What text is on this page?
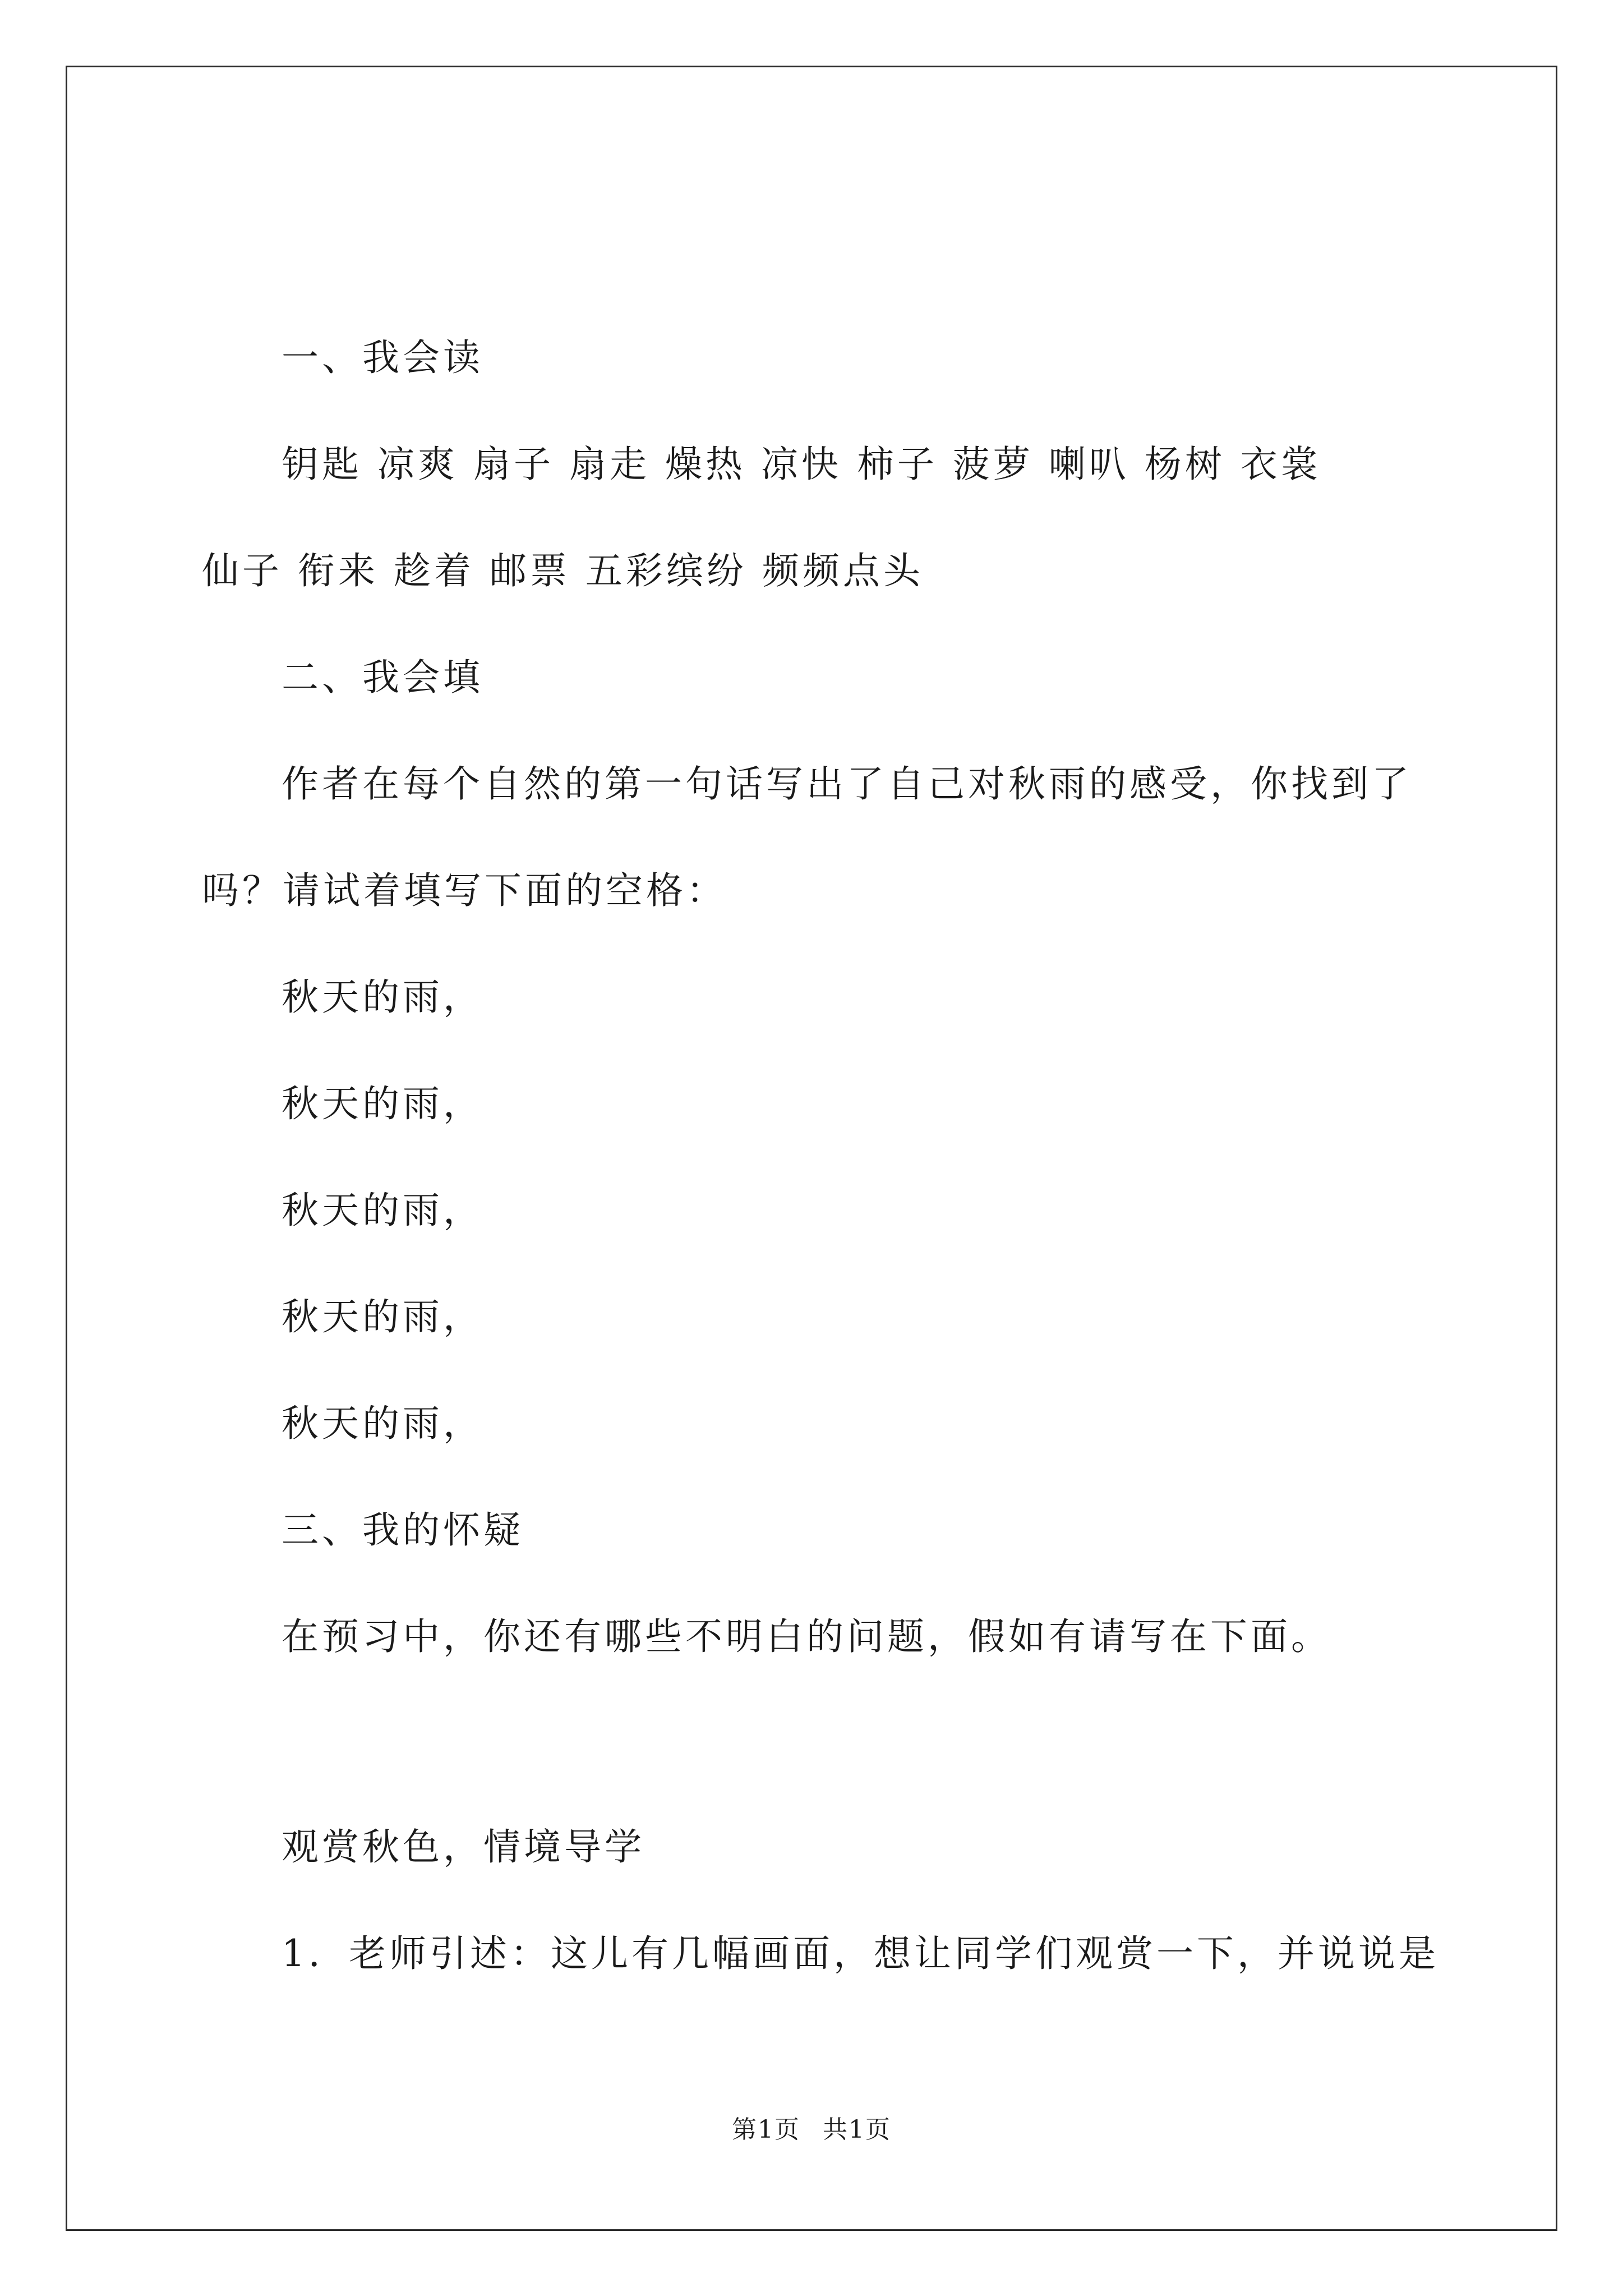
一、我会读
钥匙 凉爽 扇子 扇走 燥热 凉快 柿子 菠萝 喇叭 杨树 衣裳
仙子 衔来 趁着 邮票 五彩缤纷 频频点头
二、我会填
作者在每个自然的第一句话写出了自己对秋雨的感受，你找到了
吗？请试着填写下面的空格：
秋天的雨，
秋天的雨，
秋天的雨，
秋天的雨，
秋天的雨，
三、我的怀疑
在预习中，你还有哪些不明白的问题，假如有请写在下面。
观赏秋色，情境导学
1．老师引述：这儿有几幅画面，想让同学们观赏一下，并说说是
第1页 共1页
